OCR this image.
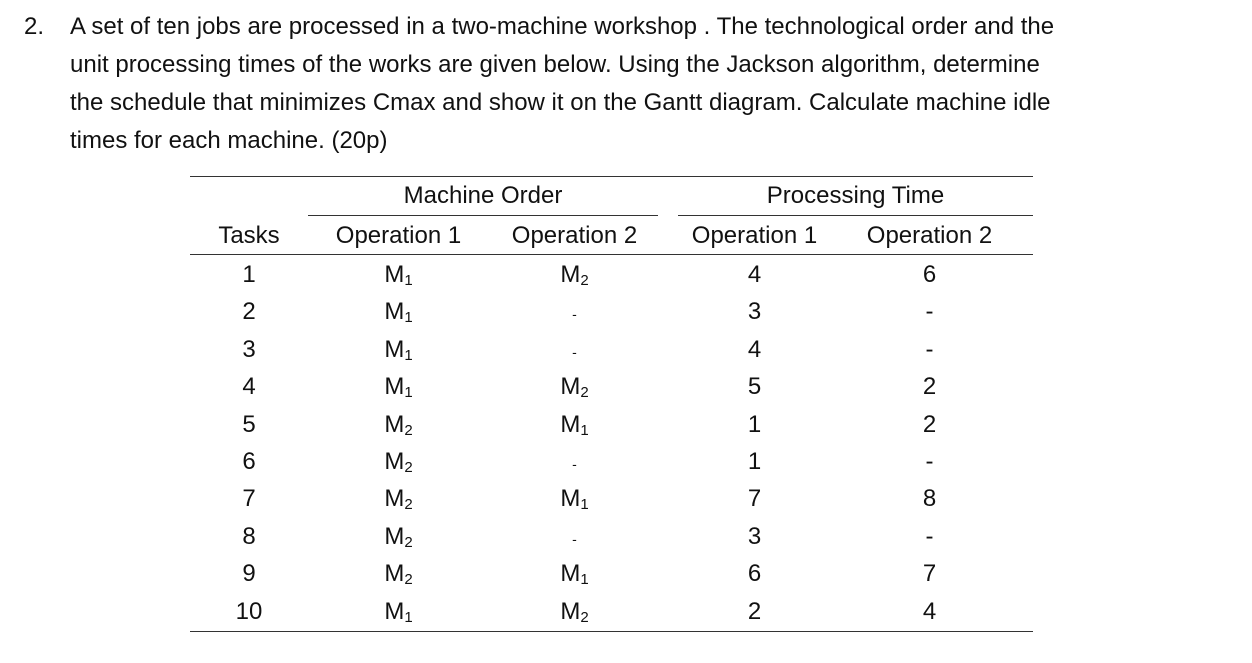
2.	A set of ten jobs are processed in a two-machine workshop . The technological order and the
unit processing times of the works are given below. Using the Jackson algorithm, determine
the schedule that minimizes Cmax and show it on the Gantt diagram. Calculate machine idle
times for each machine. (20p)
Machine Order	Processing Time
Tasks	Operation 1	Operation 2	Operation 1	Operation 2
1	$M_1$	$M_2$	4	6
2	$M_1$	-	3	-
3	$M_1$	-	4	-
4	$M_1$	$M_2$	5	2
5	$M_2$	$M_1$	1	2
6	$M_2$	-	1	-
7	$M_2$	$M_1$	7	8
8	$M_2$	-	3	-
9	$M_2$	$M_1$	6	7
10	$M_1$	$M_2$	2	4
